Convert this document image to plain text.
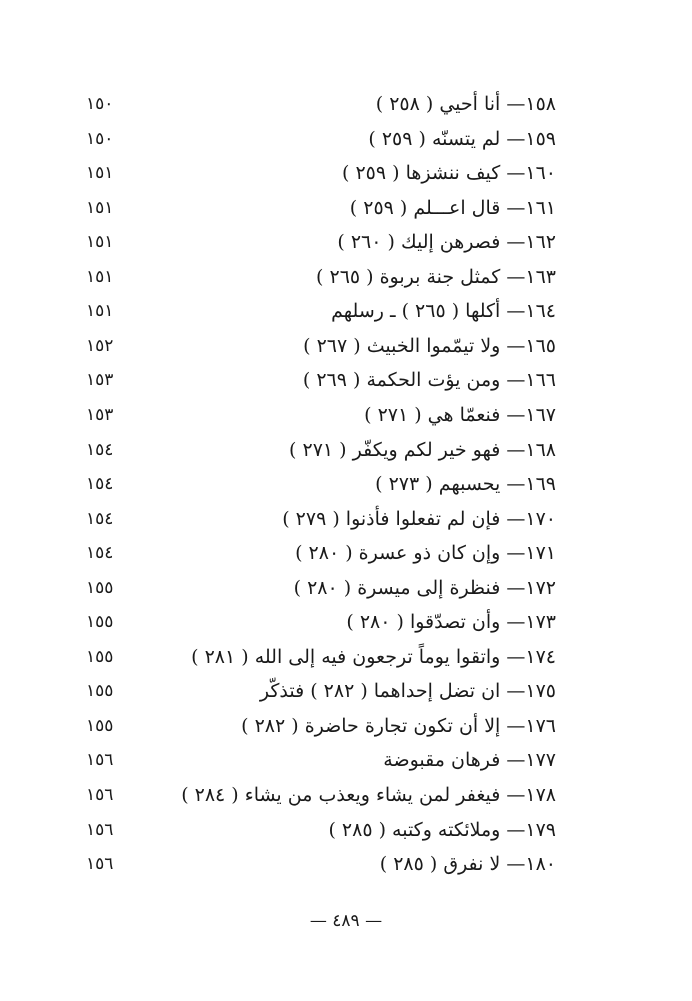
١٥٨— أنا أحيي ( ٢٥٨ )
١٥٠
١٥٩— لم يتسنّه ( ٢٥٩ )
١٥٠
١٦٠— كيف ننشزها ( ٢٥٩ )
١٥١
١٦١— قال اعـــلم ( ٢٥٩ )
١٥١
١٦٢— فصرهن إليك ( ٢٦٠ )
١٥١
١٦٣— كمثل جنة بربوة ( ٢٦٥ )
١٥١
١٦٤— أكلها ( ٢٦٥ ) ـ رسلهم
١٥١
١٦٥— ولا تيمّموا الخبيث ( ٢٦٧ )
١٥٢
١٦٦— ومن يؤت الحكمة ( ٢٦٩ )
١٥٣
١٦٧— فنعمّا هي ( ٢٧١ )
١٥٣
١٦٨— فهو خير لكم ويكفّر ( ٢٧١ )
١٥٤
١٦٩— يحسبهم ( ٢٧٣ )
١٥٤
١٧٠— فإن لم تفعلوا فأذنوا ( ٢٧٩ )
١٥٤
١٧١— وإن كان ذو عسرة ( ٢٨٠ )
١٥٤
١٧٢— فنظرة إلى ميسرة ( ٢٨٠ )
١٥٥
١٧٣— وأن تصدّقوا ( ٢٨٠ )
١٥٥
١٧٤— واتقوا يوماً ترجعون فيه إلى الله ( ٢٨١ )
١٥٥
١٧٥— ان تضل إحداهما ( ٢٨٢ ) فتذكّر
١٥٥
١٧٦— إلا أن تكون تجارة حاضرة ( ٢٨٢ )
١٥٥
١٧٧— فرهان مقبوضة
١٥٦
١٧٨— فيغفر لمن يشاء ويعذب من يشاء ( ٢٨٤ )
١٥٦
١٧٩— وملائكته وكتبه ( ٢٨٥ )
١٥٦
١٨٠— لا نفرق ( ٢٨٥ )
١٥٦
— ٤٨٩ —
